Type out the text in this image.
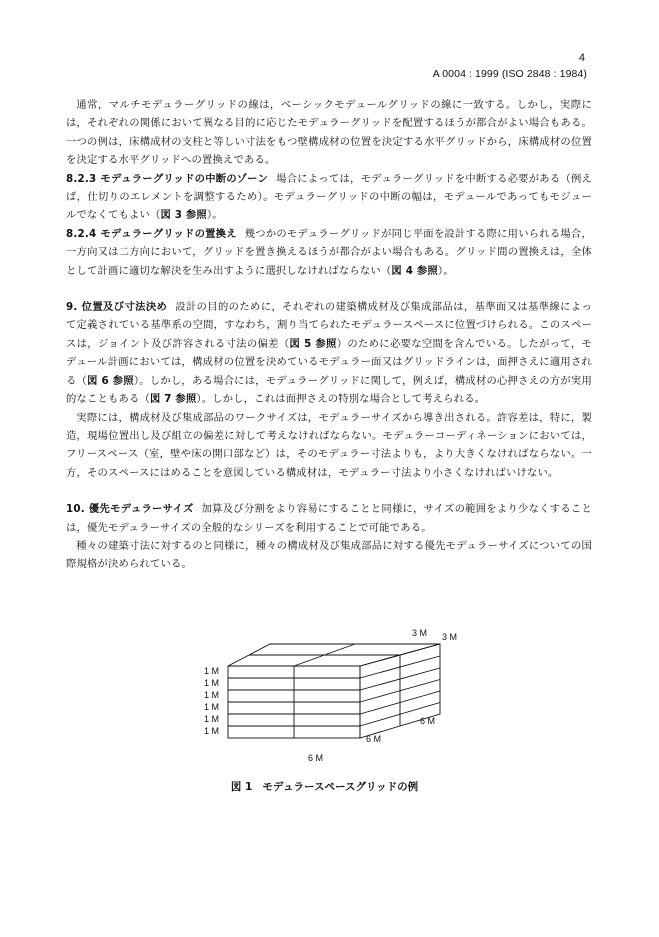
4
A 0004 : 1999 (ISO 2848 : 1984)

通常，マルチモデュラーグリッドの線は，ベーシックモデュールグリッドの線に一致する。しかし，実際には，それぞれの関係において異なる目的に応じたモデュラーグリッドを配置するほうが都合がよい場合もある。一つの例は，床構成材の支柱と等しい寸法をもつ壁構成材の位置を決定する水平グリッドから，床構成材の位置を決定する水平グリッドへの置換えである。

8.2.3 モデュラーグリッドの中断のゾーン 場合によっては，モデュラーグリッドを中断する必要がある（例えば，仕切りのエレメントを調整するため）。モデュラーグリッドの中断の幅は，モデュールであってもモジュールでなくてもよい（図 3 参照）。

8.2.4 モデュラーグリッドの置換え 幾つかのモデュラーグリッドが同じ平面を設計する際に用いられる場合，一方向又は二方向において，グリッドを置き換えるほうが都合がよい場合もある。グリッド間の置換えは，全体として計画に適切な解決を生み出すように選択しなければならない（図 4 参照）。

9. 位置及び寸法決め 設計の目的のために，それぞれの建築構成材及び集成部品は，基準面又は基準線によって定義されている基準系の空間，すなわち，割り当てられたモデュラースペースに位置づけられる。このスペースは，ジョイント及び許容される寸法の偏差（図 5 参照）のために必要な空間を含んでいる。したがって，モデュール計画においては，構成材の位置を決めているモデュラー面又はグリッドラインは，面押さえに適用される（図 6 参照）。しかし，ある場合には，モデュラーグリッドに関して，例えば，構成材の心押さえの方が実用的なこともある（図 7 参照）。しかし，これは面押さえの特別な場合として考えられる。

実際には，構成材及び集成部品のワークサイズは，モデュラーサイズから導き出される。許容差は，特に，製造，現場位置出し及び組立の偏差に対して考えなければならない。モデュラーコーディネーションにおいては，フリースペース（室，壁や床の開口部など）は，そのモデュラー寸法よりも，より大きくなければならない。一方，そのスペースにはめることを意図している構成材は，モデュラー寸法より小さくなければいけない。

10. 優先モデュラーサイズ 加算及び分割をより容易にすることと同様に，サイズの範囲をより少なくすることは，優先モデュラーサイズの全般的なシリーズを利用することで可能である。

種々の建築寸法に対するのと同様に，種々の構成材及び集成部品に対する優先モデュラーサイズについての国際規格が決められている。

3 M 3 M
1 M
1 M
1 M
1 M
1 M
1 M
6 M
6 M
6 M
図 1 モデュラースペースグリッドの例
